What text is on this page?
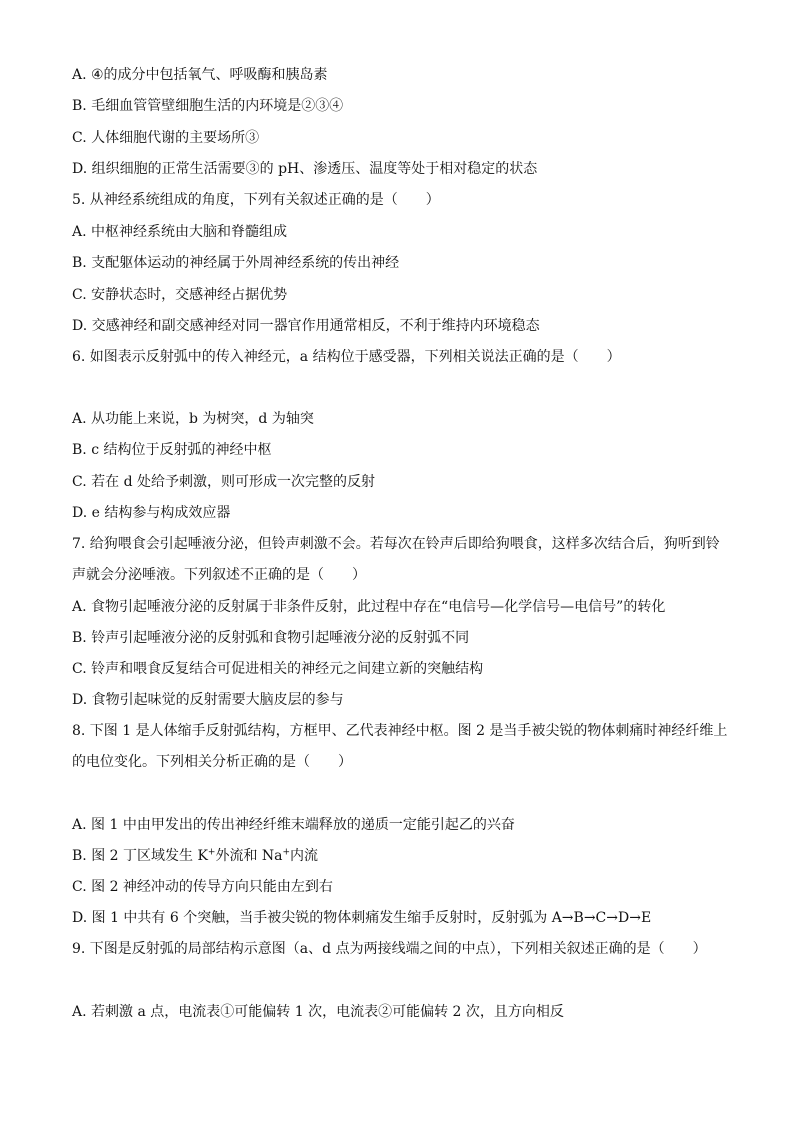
A. ④的成分中包括氧气、呼吸酶和胰岛素
B. 毛细血管管壁细胞生活的内环境是②③④
C. 人体细胞代谢的主要场所③
D. 组织细胞的正常生活需要③的 pH、渗透压、温度等处于相对稳定的状态
5. 从神经系统组成的角度，下列有关叙述正确的是（　　）
A. 中枢神经系统由大脑和脊髓组成
B. 支配躯体运动的神经属于外周神经系统的传出神经
C. 安静状态时，交感神经占据优势
D. 交感神经和副交感神经对同一器官作用通常相反，不利于维持内环境稳态
6. 如图表示反射弧中的传入神经元，a 结构位于感受器，下列相关说法正确的是（　　）
A. 从功能上来说，b 为树突，d 为轴突
B. c 结构位于反射弧的神经中枢
C. 若在 d 处给予刺激，则可形成一次完整的反射
D. e 结构参与构成效应器
7. 给狗喂食会引起唾液分泌，但铃声刺激不会。若每次在铃声后即给狗喂食，这样多次结合后，狗听到铃
声就会分泌唾液。下列叙述不正确的是（　　）
A. 食物引起唾液分泌的反射属于非条件反射，此过程中存在“电信号—化学信号—电信号”的转化
B. 铃声引起唾液分泌的反射弧和食物引起唾液分泌的反射弧不同
C. 铃声和喂食反复结合可促进相关的神经元之间建立新的突触结构
D. 食物引起味觉的反射需要大脑皮层的参与
8. 下图 1 是人体缩手反射弧结构，方框甲、乙代表神经中枢。图 2 是当手被尖锐的物体刺痛时神经纤维上
的电位变化。下列相关分析正确的是（　　）
A. 图 1 中由甲发出的传出神经纤维末端释放的递质一定能引起乙的兴奋
B. 图 2 丁区域发生 K+外流和 Na+内流
C. 图 2 神经冲动的传导方向只能由左到右
D. 图 1 中共有 6 个突触，当手被尖锐的物体刺痛发生缩手反射时，反射弧为 A→B→C→D→E
9. 下图是反射弧的局部结构示意图（a、d 点为两接线端之间的中点），下列相关叙述正确的是（　　）
A. 若刺激 a 点，电流表①可能偏转 1 次，电流表②可能偏转 2 次，且方向相反
